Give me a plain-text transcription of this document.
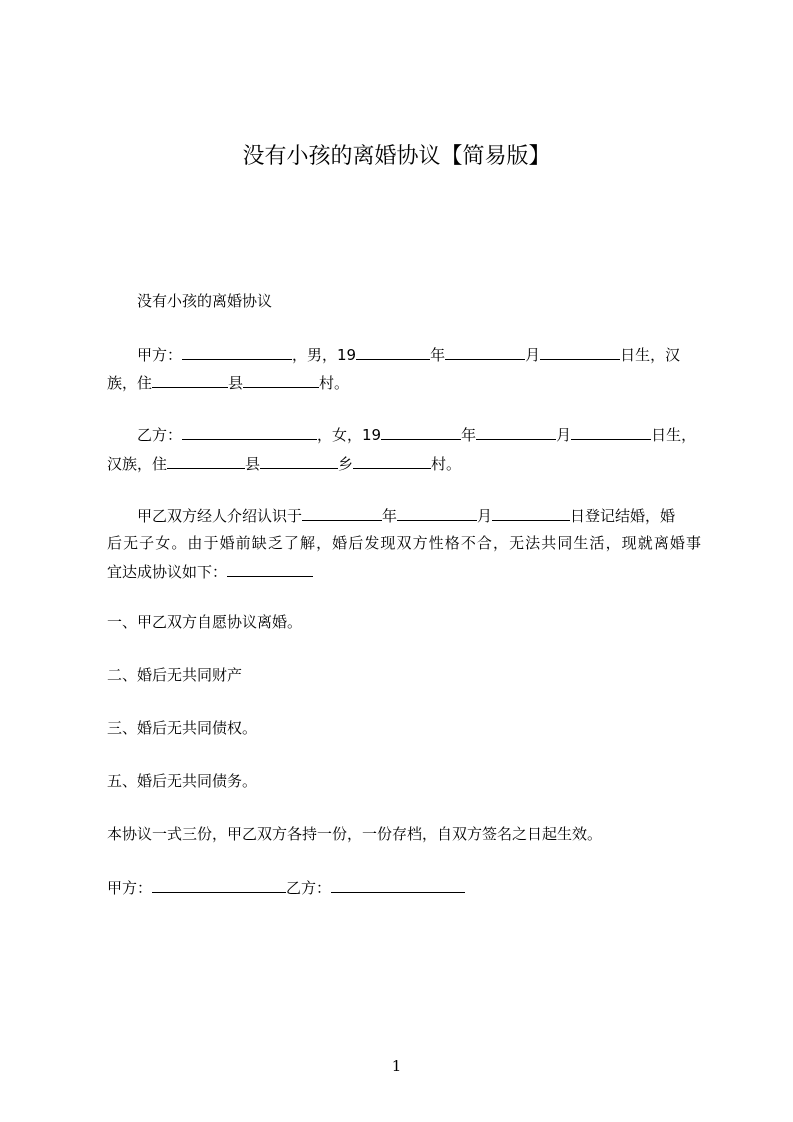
没有小孩的离婚协议【简易版】
没有小孩的离婚协议
甲方：	，男，19	年	月	日生，汉
族，住	县	村。
乙方：	，女，19	年	月	日生，
汉族，住	县	乡	村。
甲乙双方经人介绍认识于	年	月	日登记结婚，婚
后无子女。由于婚前缺乏了解，婚后发现双方性格不合，无法共同生活，现就离婚事
宜达成协议如下：
一、甲乙双方自愿协议离婚。
二、婚后无共同财产
三、婚后无共同债权。
五、婚后无共同债务。
本协议一式三份，甲乙双方各持一份，一份存档，自双方签名之日起生效。
甲方：	乙方：
1
